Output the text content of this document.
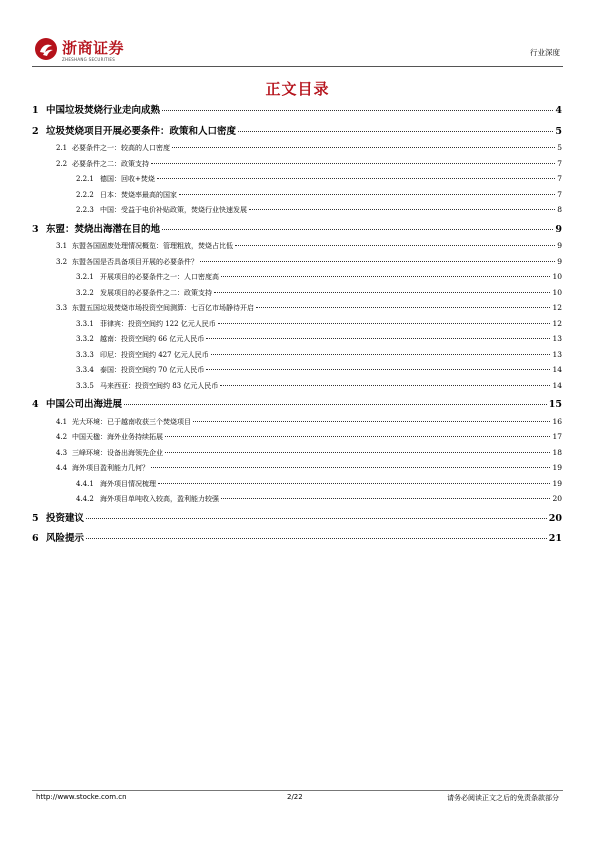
浙商证券
ZHESHANG SECURITIES
行业深度
正文目录
1 中国垃圾焚烧行业走向成熟	4
2 垃圾焚烧项目开展必要条件：政策和人口密度	5
2.1 必要条件之一：较高的人口密度	5
2.2 必要条件之二：政策支持	7
2.2.1 德国：回收+焚烧	7
2.2.2 日本：焚烧率最高的国家	7
2.2.3 中国：受益于电价补贴政策，焚烧行业快速发展	8
3 东盟：焚烧出海潜在目的地	9
3.1 东盟各国固废处理情况概览：管理粗放，焚烧占比低	9
3.2 东盟各国是否具备项目开展的必要条件？	9
3.2.1 开展项目的必要条件之一：人口密度高	10
3.2.2 发展项目的必要条件之二：政策支持	10
3.3 东盟五国垃圾焚烧市场投资空间测算：七百亿市场静待开启	12
3.3.1 菲律宾：投资空间约 122 亿元人民币	12
3.3.2 越南：投资空间约 66 亿元人民币	13
3.3.3 印尼：投资空间约 427 亿元人民币	13
3.3.4 泰国：投资空间约 70 亿元人民币	14
3.3.5 马来西亚：投资空间约 83 亿元人民币	14
4 中国公司出海进展	15
4.1 光大环境：已于越南收获三个焚烧项目	16
4.2 中国天楹：海外业务持续拓展	17
4.3 三峰环境：设备出海领先企业	18
4.4 海外项目盈利能力几何？	19
4.4.1 海外项目情况梳理	19
4.4.2 海外项目单吨收入较高，盈利能力较强	20
5 投资建议	20
6 风险提示	21
http://www.stocke.com.cn	2/22	请务必阅读正文之后的免责条款部分
